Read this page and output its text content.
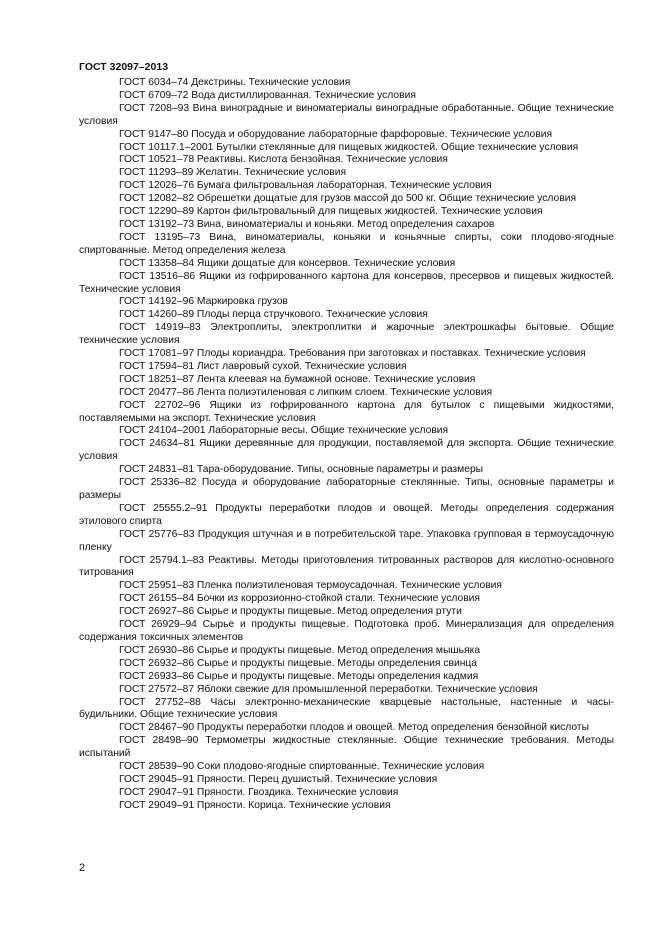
ГОСТ 32097–2013
ГОСТ 6034–74 Декстрины. Технические условия
ГОСТ 6709–72 Вода дистиллированная. Технические условия
ГОСТ 7208–93 Вина виноградные и виноматериалы виноградные обработанные. Общие технические условия
ГОСТ 9147–80 Посуда и оборудование лабораторные фарфоровые. Технические условия
ГОСТ 10117.1–2001 Бутылки стеклянные для пищевых жидкостей. Общие технические условия
ГОСТ 10521–78 Реактивы. Кислота бензойная. Технические условия
ГОСТ 11293–89 Желатин. Технические условия
ГОСТ 12026–76 Бумага фильтровальная лабораторная. Технические условия
ГОСТ 12082–82 Обрешетки дощатые для грузов массой до 500 кг. Общие технические условия
ГОСТ 12290–89 Картон фильтровальный для пищевых жидкостей. Технические условия
ГОСТ 13192–73 Вина, виноматериалы и коньяки. Метод определения сахаров
ГОСТ 13195–73 Вина, виноматериалы, коньяки и коньячные спирты, соки плодово-ягодные спиртованные. Метод определения железа
ГОСТ 13358–84 Ящики дощатые для консервов. Технические условия
ГОСТ 13516–86 Ящики из гофрированного картона для консервов, пресервов и пищевых жидкостей. Технические условия
ГОСТ 14192–96 Маркировка грузов
ГОСТ 14260–89 Плоды перца стручкового. Технические условия
ГОСТ 14919–83 Электроплиты, электроплитки и жарочные электрошкафы бытовые. Общие технические условия
ГОСТ 17081–97 Плоды кориандра. Требования при заготовках и поставках. Технические условия
ГОСТ 17594–81 Лист лавровый сухой. Технические условия
ГОСТ 18251–87 Лента клеевая на бумажной основе. Технические условия
ГОСТ 20477–86 Лента полиэтиленовая с липким слоем. Технические условия
ГОСТ 22702–96 Ящики из гофрированного картона для бутылок с пищевыми жидкостями, поставляемыми на экспорт. Технические условия
ГОСТ 24104–2001 Лабораторные весы. Общие технические условия
ГОСТ 24634–81 Ящики деревянные для продукции, поставляемой для экспорта. Общие технические условия
ГОСТ 24831–81 Тара-оборудование. Типы, основные параметры и размеры
ГОСТ 25336–82 Посуда и оборудование лабораторные стеклянные. Типы, основные параметры и размеры
ГОСТ 25555.2–91 Продукты переработки плодов и овощей. Методы определения содержания этилового спирта
ГОСТ 25776–83 Продукция штучная и в потребительской таре. Упаковка групповая в термоусадочную пленку
ГОСТ 25794.1–83 Реактивы. Методы приготовления титрованных растворов для кислотно-основного титрования
ГОСТ 25951–83 Пленка полиэтиленовая термоусадочная. Технические условия
ГОСТ 26155–84 Бочки из коррозионно-стойкой стали. Технические условия
ГОСТ 26927–86 Сырье и продукты пищевые. Метод определения ртути
ГОСТ 26929–94 Сырье и продукты пищевые. Подготовка проб. Минерализация для определения содержания токсичных элементов
ГОСТ 26930–86 Сырье и продукты пищевые. Метод определения мышьяка
ГОСТ 26932–86 Сырье и продукты пищевые. Методы определения свинца
ГОСТ 26933–86 Сырье и продукты пищевые. Методы определения кадмия
ГОСТ 27572–87 Яблоки свежие для промышленной переработки. Технические условия
ГОСТ 27752–88 Часы электронно-механические кварцевые настольные, настенные и часы-будильники. Общие технические условия
ГОСТ 28467–90 Продукты переработки плодов и овощей. Метод определения бензойной кислоты
ГОСТ 28498–90 Термометры жидкостные стеклянные. Общие технические требования. Методы испытаний
ГОСТ 28539–90 Соки плодово-ягодные спиртованные. Технические условия
ГОСТ 29045–91 Пряности. Перец душистый. Технические условия
ГОСТ 29047–91 Пряности. Гвоздика. Технические условия
ГОСТ 29049–91 Пряности. Корица. Технические условия
2
